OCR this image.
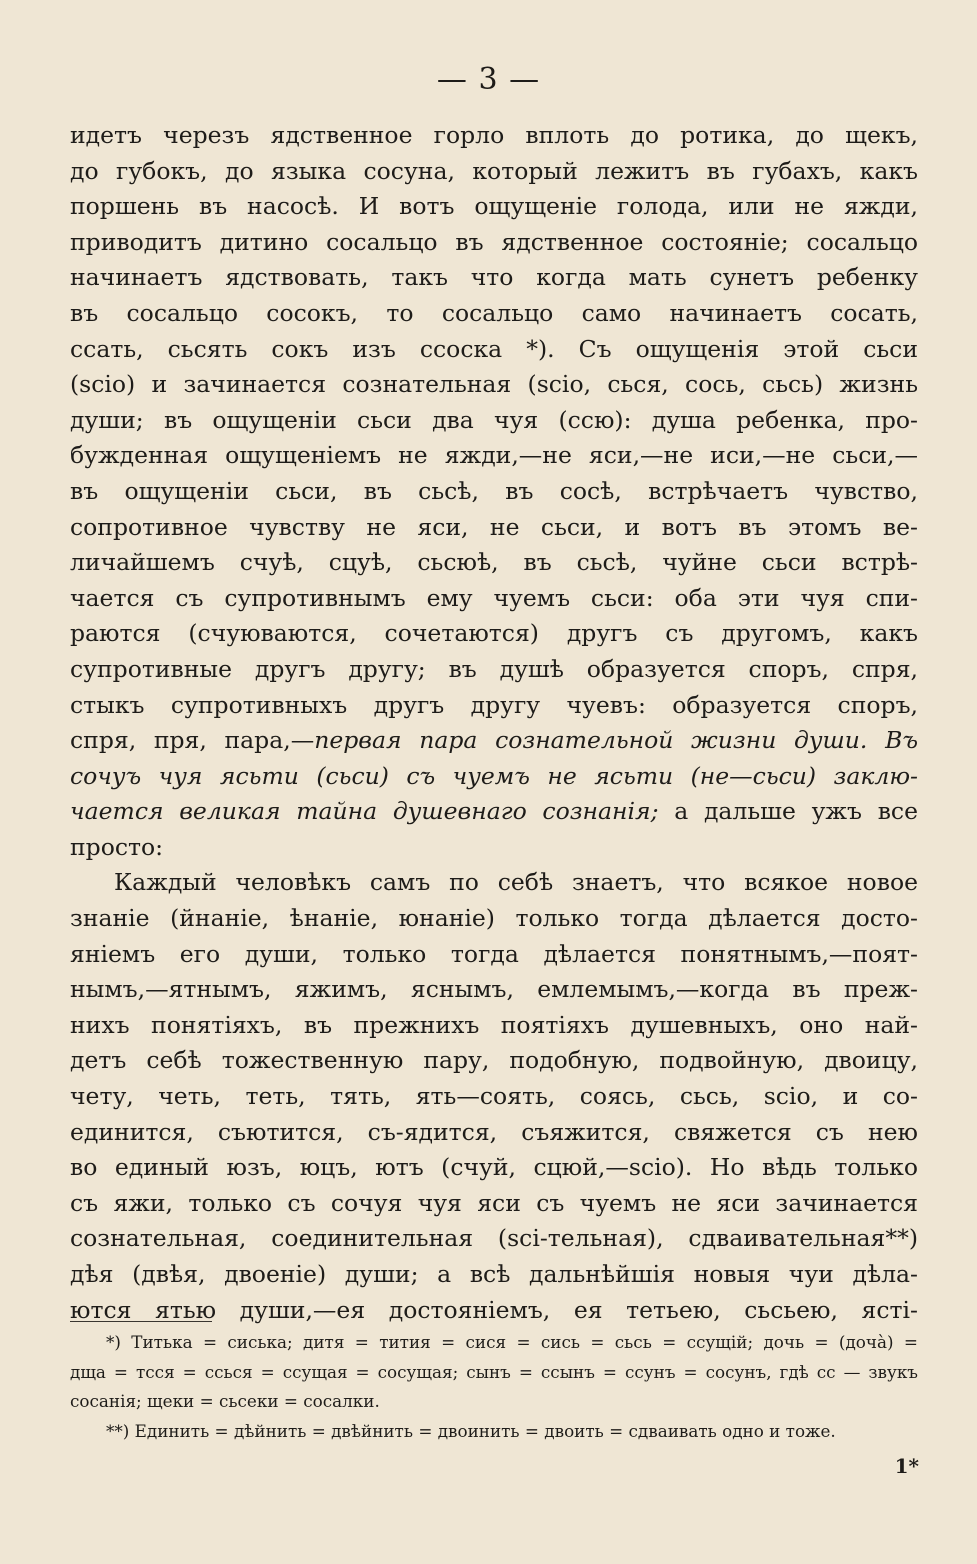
— 3 —
идетъ черезъ ядственное горло вплоть до ротика, до щекъ,
до губокъ, до языка сосуна, который лежитъ въ губахъ, какъ
поршень въ насосѣ. И вотъ ощущеніе голода, или не яжди,
приводитъ дитино сосальцо въ ядственное состояніе; сосальцо
начинаетъ ядствовать, такъ что когда мать сунетъ ребенку
въ сосальцо сосокъ, то сосальцо само начинаетъ сосать,
ссать, сьсять сокъ изъ ссоска *). Съ ощущенія этой сьси
(scio) и зачинается сознательная (scio, сься, сось, сьсь) жизнь
души; въ ощущеніи сьси два чуя (ссю): душа ребенка, про-
бужденная ощущеніемъ не яжди,—не яси,—не иси,—не сьси,—
въ ощущеніи сьси, въ сьсѣ, въ сосѣ, встрѣчаетъ чувство,
сопротивное чувству не яси, не сьси, и вотъ въ этомъ ве-
личайшемъ счуѣ, сцуѣ, сьсюѣ, въ сьсѣ, чуйне сьси встрѣ-
чается съ супротивнымъ ему чуемъ сьси: оба эти чуя спи-
раются (счуюваются, сочетаются) другъ съ другомъ, какъ
супротивные другъ другу; въ душѣ образуется споръ, спря,
стыкъ супротивныхъ другъ другу чуевъ: образуется споръ,
спря, пря, пара,—первая пара сознательной жизни души. Въ
сочуъ чуя ясьти (сьси) съ чуемъ не ясьти (не—сьси) заклю-
чается великая тайна душевнаго сознанія; а дальше ужъ все
просто:
Каждый человѣкъ самъ по себѣ знаетъ, что всякое новое
знаніе (йнаніе, ѣнаніе, юнаніе) только тогда дѣлается досто-
яніемъ его души, только тогда дѣлается понятнымъ,—поят-
нымъ,—ятнымъ, яжимъ, яснымъ, емлемымъ,—когда въ преж-
нихъ понятіяхъ, въ прежнихъ поятіяхъ душевныхъ, оно най-
детъ себѣ тожественную пару, подобную, подвойную, двоицу,
чету, четь, теть, тять, ять—соять, соясь, сьсь, scio, и со-
единится, съютится, съ-ядится, съяжится, свяжется съ нею
во единый юзъ, юцъ, ютъ (счуй, сцюй,—scio). Но вѣдь только
съ яжи, только съ сочуя чуя яси съ чуемъ не яси зачинается
сознательная, соединительная (sci-тельная), сдваивательная**)
дѣя (двѣя, двоеніе) души; а всѣ дальнѣйшія новыя чуи дѣла-
ются ятью души,—ея достояніемъ, ея тетьею, сьсьею, ясті-
*) Титька = сиська; дитя = тития = сися = сись = сьсь = ссущій; дочь = (дочà) =
дща = тсся = ссься = ссущая = сосущая; сынъ = ссынъ = ссунъ = сосунъ, гдѣ сс — звукъ
сосанія; щеки = сьсеки = сосалки.
**) Единить = дѣйнить = двѣйнить = двоинить = двоить = сдваивать одно и тоже.
1*
